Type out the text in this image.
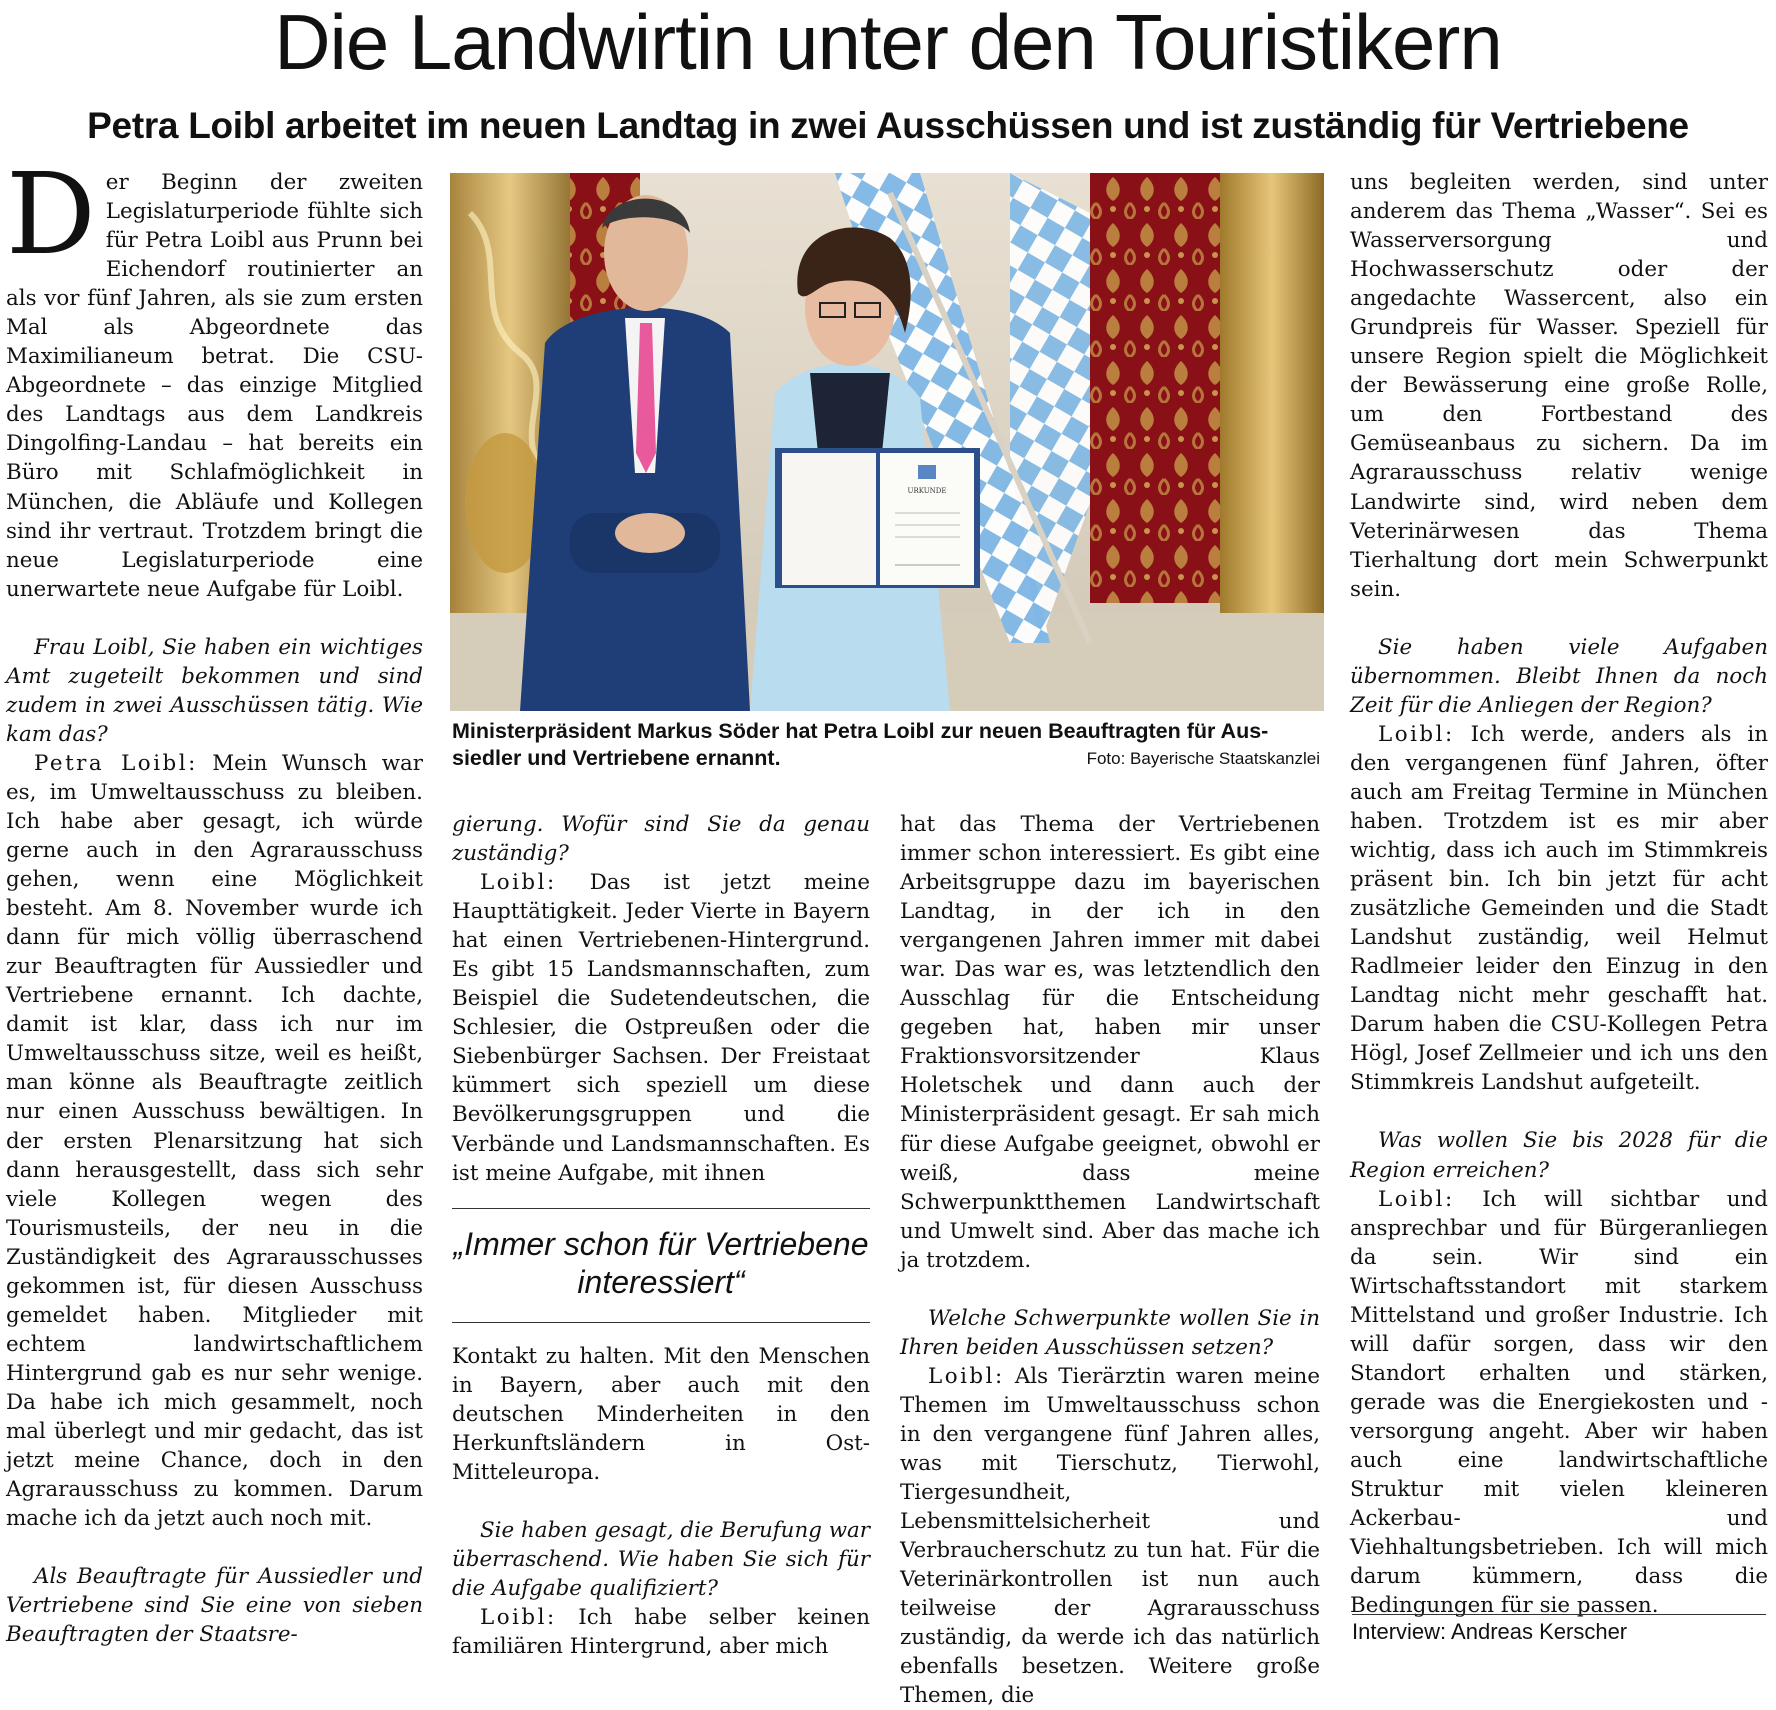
Die Landwirtin unter den Touristikern
Petra Loibl arbeitet im neuen Landtag in zwei Ausschüssen und ist zuständig für Vertriebene

Der Beginn der zweiten Legislaturperiode fühlte sich für Petra Loibl aus Prunn bei Eichendorf routinierter an als vor fünf Jahren, als sie zum ersten Mal als Abgeordnete das Maximilianeum betrat. Die CSU-Abgeordnete – das einzige Mitglied des Landtags aus dem Landkreis Dingolfing-Landau – hat bereits ein Büro mit Schlafmöglichkeit in München, die Abläufe und Kollegen sind ihr vertraut. Trotzdem bringt die neue Legislaturperiode eine unerwartete neue Aufgabe für Loibl.

Frau Loibl, Sie haben ein wichtiges Amt zugeteilt bekommen und sind zudem in zwei Ausschüssen tätig. Wie kam das?

Petra Loibl: Mein Wunsch war es, im Umweltausschuss zu bleiben. Ich habe aber gesagt, ich würde gerne auch in den Agrarausschuss gehen, wenn eine Möglichkeit besteht. Am 8. November wurde ich dann für mich völlig überraschend zur Beauftragten für Aussiedler und Vertriebene ernannt. Ich dachte, damit ist klar, dass ich nur im Umweltausschuss sitze, weil es heißt, man könne als Beauftragte zeitlich nur einen Ausschuss bewältigen. In der ersten Plenarsitzung hat sich dann herausgestellt, dass sich sehr viele Kollegen wegen des Tourismusteils, der neu in die Zuständigkeit des Agrarausschusses gekommen ist, für diesen Ausschuss gemeldet haben. Mitglieder mit echtem landwirtschaftlichem Hintergrund gab es nur sehr wenige. Da habe ich mich gesammelt, noch mal überlegt und mir gedacht, das ist jetzt meine Chance, doch in den Agrarausschuss zu kommen. Darum mache ich da jetzt auch noch mit.

Als Beauftragte für Aussiedler und Vertriebene sind Sie eine von sieben Beauftragten der Staatsre-

URKUNDE
Ministerpräsident Markus Söder hat Petra Loibl zur neuen Beauftragten für Aus-
siedler und Vertriebene ernannt.	Foto: Bayerische Staatskanzlei

gierung. Wofür sind Sie da genau zuständig?

Loibl: Das ist jetzt meine Haupttätigkeit. Jeder Vierte in Bayern hat einen Vertriebenen-Hintergrund. Es gibt 15 Landsmannschaften, zum Beispiel die Sudetendeutschen, die Schlesier, die Ostpreußen oder die Siebenbürger Sachsen. Der Freistaat kümmert sich speziell um diese Bevölkerungsgruppen und die Verbände und Landsmannschaften. Es ist meine Aufgabe, mit ihnen

„Immer schon für Vertriebene interessiert“

Kontakt zu halten. Mit den Menschen in Bayern, aber auch mit den deutschen Minderheiten in den Herkunftsländern in Ost-Mitteleuropa.

Sie haben gesagt, die Berufung war überraschend. Wie haben Sie sich für die Aufgabe qualifiziert?

Loibl: Ich habe selber keinen familiären Hintergrund, aber mich

hat das Thema der Vertriebenen immer schon interessiert. Es gibt eine Arbeitsgruppe dazu im bayerischen Landtag, in der ich in den vergangenen Jahren immer mit dabei war. Das war es, was letztendlich den Ausschlag für die Entscheidung gegeben hat, haben mir unser Fraktionsvorsitzender Klaus Holetschek und dann auch der Ministerpräsident gesagt. Er sah mich für diese Aufgabe geeignet, obwohl er weiß, dass meine Schwerpunktthemen Landwirtschaft und Umwelt sind. Aber das mache ich ja trotzdem.

Welche Schwerpunkte wollen Sie in Ihren beiden Ausschüssen setzen?

Loibl: Als Tierärztin waren meine Themen im Umweltausschuss schon in den vergangene fünf Jahren alles, was mit Tierschutz, Tierwohl, Tiergesundheit, Lebensmittelsicherheit und Verbraucherschutz zu tun hat. Für die Veterinärkontrollen ist nun auch teilweise der Agrarausschuss zuständig, da werde ich das natürlich ebenfalls besetzen. Weitere große Themen, die

uns begleiten werden, sind unter anderem das Thema „Wasser“. Sei es Wasserversorgung und Hochwasserschutz oder der angedachte Wassercent, also ein Grundpreis für Wasser. Speziell für unsere Region spielt die Möglichkeit der Bewässerung eine große Rolle, um den Fortbestand des Gemüseanbaus zu sichern. Da im Agrarausschuss relativ wenige Landwirte sind, wird neben dem Veterinärwesen das Thema Tierhaltung dort mein Schwerpunkt sein.

Sie haben viele Aufgaben übernommen. Bleibt Ihnen da noch Zeit für die Anliegen der Region?

Loibl: Ich werde, anders als in den vergangenen fünf Jahren, öfter auch am Freitag Termine in München haben. Trotzdem ist es mir aber wichtig, dass ich auch im Stimmkreis präsent bin. Ich bin jetzt für acht zusätzliche Gemeinden und die Stadt Landshut zuständig, weil Helmut Radlmeier leider den Einzug in den Landtag nicht mehr geschafft hat. Darum haben die CSU-Kollegen Petra Högl, Josef Zellmeier und ich uns den Stimmkreis Landshut aufgeteilt.

Was wollen Sie bis 2028 für die Region erreichen?

Loibl: Ich will sichtbar und ansprechbar und für Bürgeranliegen da sein. Wir sind ein Wirtschaftsstandort mit starkem Mittelstand und großer Industrie. Ich will dafür sorgen, dass wir den Standort erhalten und stärken, gerade was die Energiekosten und -versorgung angeht. Aber wir haben auch eine landwirtschaftliche Struktur mit vielen kleineren Ackerbau- und Viehhaltungsbetrieben. Ich will mich darum kümmern, dass die Bedingungen für sie passen.

Interview: Andreas Kerscher
